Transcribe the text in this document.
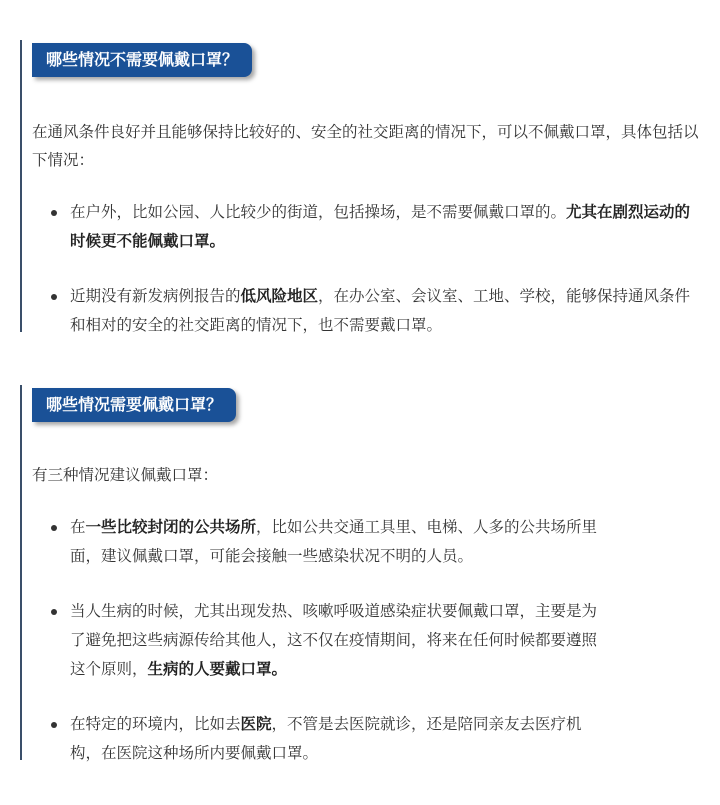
哪些情况不需要佩戴口罩？

在通风条件良好并且能够保持比较好的、安全的社交距离的情况下，可以不佩戴口罩，具体包括以下情况：

在户外，比如公园、人比较少的街道，包括操场，是不需要佩戴口罩的。尤其在剧烈运动的时候更不能佩戴口罩。
近期没有新发病例报告的低风险地区，在办公室、会议室、工地、学校，能够保持通风条件和相对的安全的社交距离的情况下，也不需要戴口罩。
哪些情况需要佩戴口罩？

有三种情况建议佩戴口罩：

在一些比较封闭的公共场所，比如公共交通工具里、电梯、人多的公共场所里面，建议佩戴口罩，可能会接触一些感染状况不明的人员。
当人生病的时候，尤其出现发热、咳嗽呼吸道感染症状要佩戴口罩，主要是为了避免把这些病源传给其他人，这不仅在疫情期间，将来在任何时候都要遵照这个原则，生病的人要戴口罩。
在特定的环境内，比如去医院，不管是去医院就诊，还是陪同亲友去医疗机构，在医院这种场所内要佩戴口罩。
